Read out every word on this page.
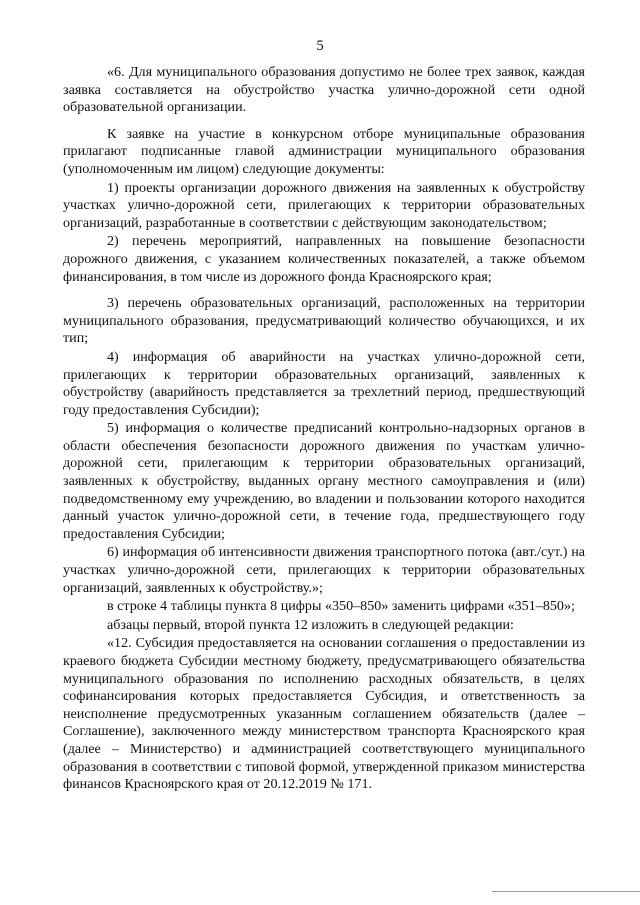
5

«6. Для муниципального образования допустимо не более трех заявок, каждая заявка составляется на обустройство участка улично-дорожной сети одной образовательной организации.

К заявке на участие в конкурсном отборе муниципальные образования прилагают подписанные главой администрации муниципального образования (уполномоченным им лицом) следующие документы:

1) проекты организации дорожного движения на заявленных к обустройству участках улично-дорожной сети, прилегающих к территории образовательных организаций, разработанные в соответствии с действующим законодательством;

2) перечень мероприятий, направленных на повышение безопасности дорожного движения, с указанием количественных показателей, а также объемом финансирования, в том числе из дорожного фонда Красноярского края;

3) перечень образовательных организаций, расположенных на территории муниципального образования, предусматривающий количество обучающихся, и их тип;

4) информация об аварийности на участках улично-дорожной сети, прилегающих к территории образовательных организаций, заявленных к обустройству (аварийность представляется за трехлетний период, предшествующий году предоставления Субсидии);

5) информация о количестве предписаний контрольно-надзорных органов в области обеспечения безопасности дорожного движения по участкам улично-дорожной сети, прилегающим к территории образовательных организаций, заявленных к обустройству, выданных органу местного самоуправления и (или) подведомственному ему учреждению, во владении и пользовании которого находится данный участок улично-дорожной сети, в течение года, предшествующего году предоставления Субсидии;

6) информация об интенсивности движения транспортного потока (авт./сут.) на участках улично-дорожной сети, прилегающих к территории образовательных организаций, заявленных к обустройству.»;

в строке 4 таблицы пункта 8 цифры «350–850» заменить цифрами «351–850»;

абзацы первый, второй пункта 12 изложить в следующей редакции:

«12. Субсидия предоставляется на основании соглашения о предоставлении из краевого бюджета Субсидии местному бюджету, предусматривающего обязательства муниципального образования по исполнению расходных обязательств, в целях софинансирования которых предоставляется Субсидия, и ответственность за неисполнение предусмотренных указанным соглашением обязательств (далее – Соглашение), заключенного между министерством транспорта Красноярского края (далее – Министерство) и администрацией соответствующего муниципального образования в соответствии с типовой формой, утвержденной приказом министерства финансов Красноярского края от 20.12.2019 № 171.
